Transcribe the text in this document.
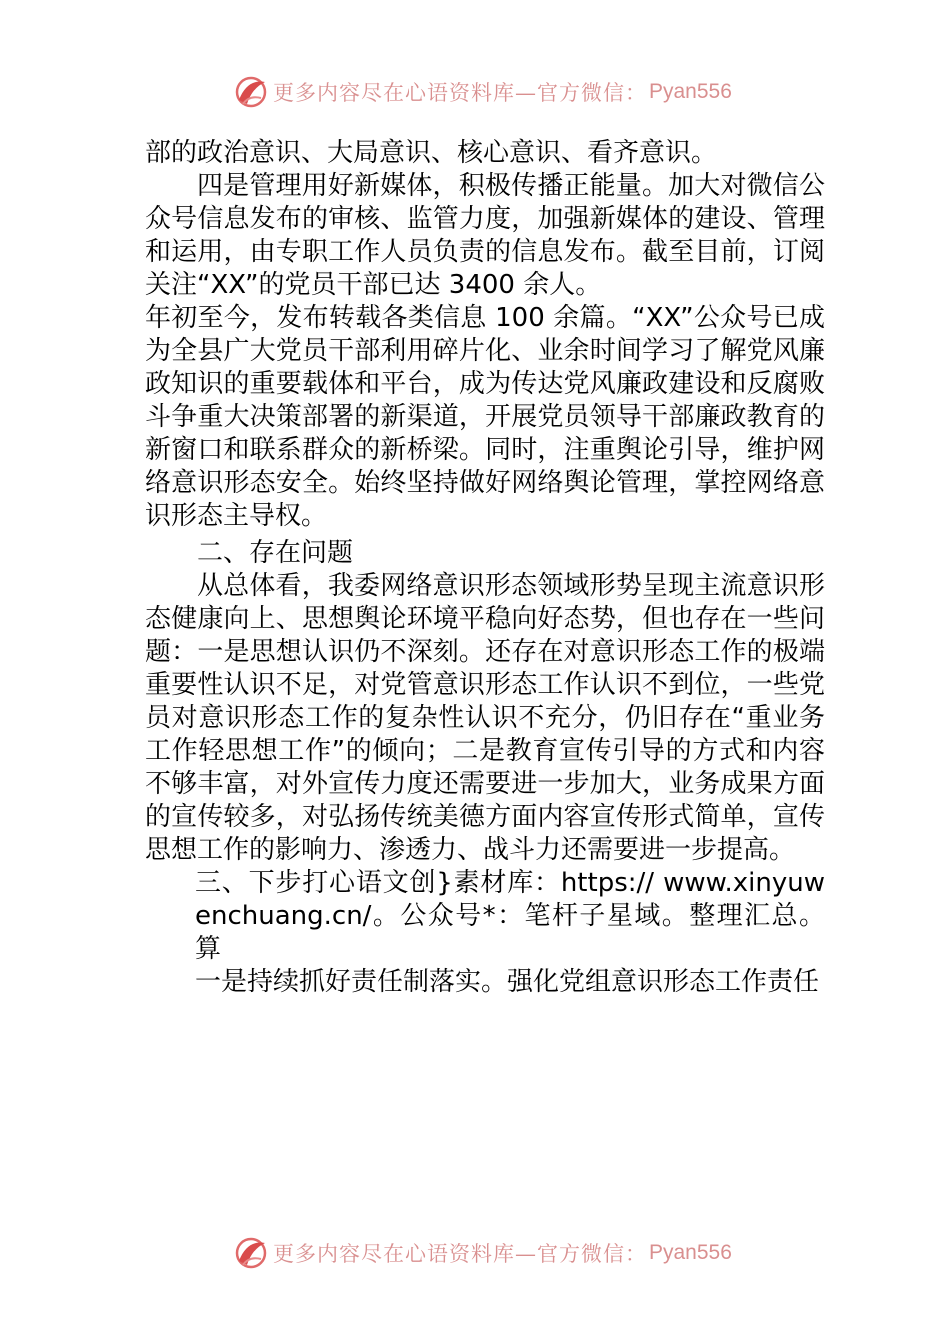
更多内容尽在心语资料库—官方微信： Pyan556

部的政治意识、大局意识、核心意识、看齐意识。

四是管理用好新媒体，积极传播正能量。加大对微信公众号信息发布的审核、监管力度，加强新媒体的建设、管理和运用，由专职工作人员负责的信息发布。截至目前，订阅关注“XX”的党员干部已达 3400 余人。

年初至今，发布转载各类信息 100 余篇。“XX”公众号已成为全县广大党员干部利用碎片化、业余时间学习了解党风廉政知识的重要载体和平台，成为传达党风廉政建设和反腐败斗争重大决策部署的新渠道，开展党员领导干部廉政教育的新窗口和联系群众的新桥梁。同时，注重舆论引导，维护网络意识形态安全。始终坚持做好网络舆论管理，掌控网络意识形态主导权。

二、存在问题

从总体看，我委网络意识形态领域形势呈现主流意识形态健康向上、思想舆论环境平稳向好态势，但也存在一些问题：一是思想认识仍不深刻。还存在对意识形态工作的极端重要性认识不足，对党管意识形态工作认识不到位，一些党员对意识形态工作的复杂性认识不充分，仍旧存在“重业务工作轻思想工作”的倾向；二是教育宣传引导的方式和内容不够丰富，对外宣传力度还需要进一步加大，业务成果方面的宣传较多，对弘扬传统美德方面内容宣传形式简单，宣传思想工作的影响力、渗透力、战斗力还需要进一步提高。

三、下步打心语文创}素材库：https:// www.xinyuwenchuang.cn/。公众号*：笔杆子星域。整理汇总。算

一是持续抓好责任制落实。强化党组意识形态工作责任

更多内容尽在心语资料库—官方微信： Pyan556
